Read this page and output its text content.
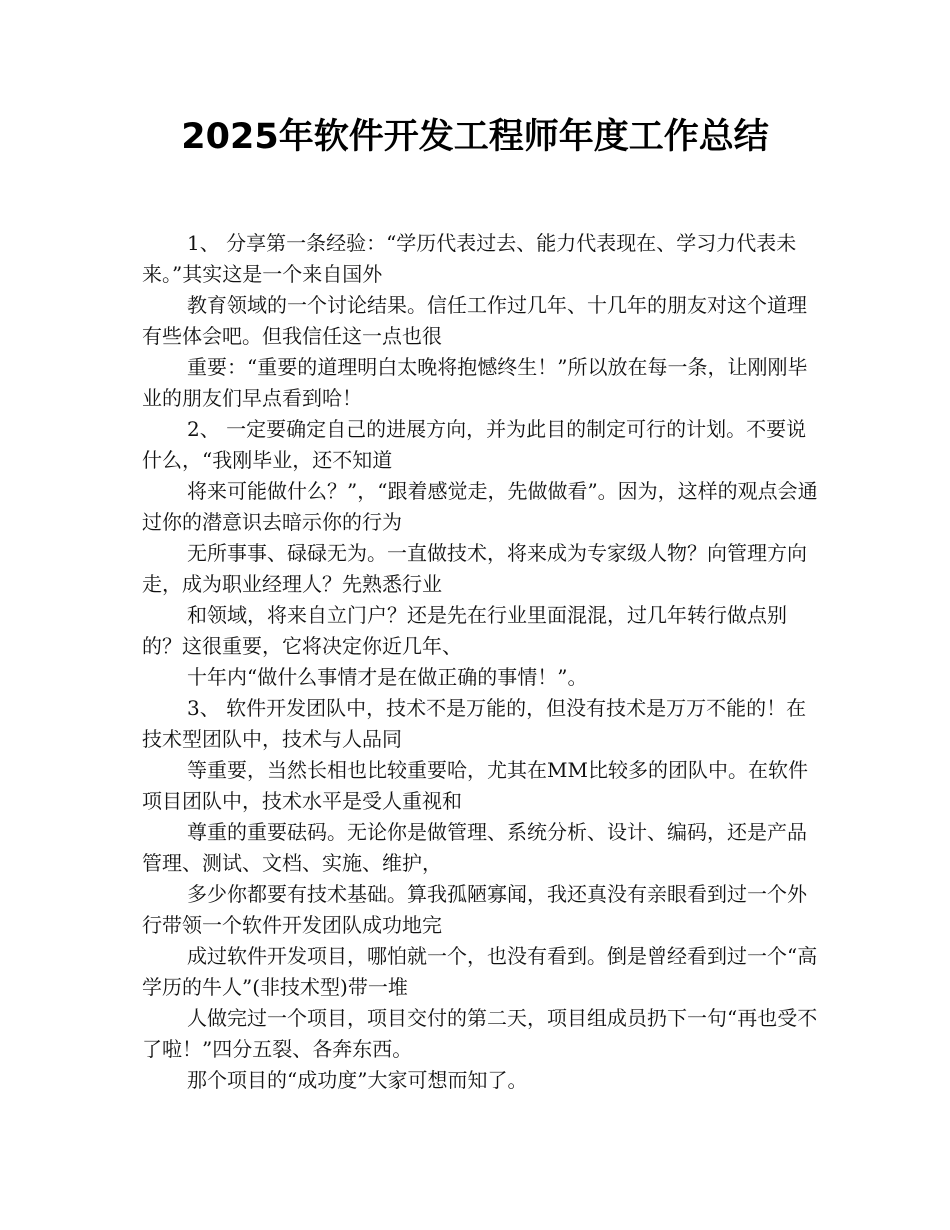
2025年软件开发工程师年度工作总结

1、 分享第一条经验：“学历代表过去、能力代表现在、学习力代表未来。”其实这是一个来自国外

教育领域的一个讨论结果。信任工作过几年、十几年的朋友对这个道理有些体会吧。但我信任这一点也很

重要：“重要的道理明白太晚将抱憾终生！”所以放在每一条，让刚刚毕业的朋友们早点看到哈！

2、 一定要确定自己的进展方向，并为此目的制定可行的计划。不要说什么，“我刚毕业，还不知道

将来可能做什么？”，“跟着感觉走，先做做看”。因为，这样的观点会通过你的潜意识去暗示你的行为

无所事事、碌碌无为。一直做技术，将来成为专家级人物？向管理方向走，成为职业经理人？先熟悉行业

和领域，将来自立门户？还是先在行业里面混混，过几年转行做点别的？这很重要，它将决定你近几年、

十年内“做什么事情才是在做正确的事情！”。

3、 软件开发团队中，技术不是万能的，但没有技术是万万不能的！在技术型团队中，技术与人品同

等重要，当然长相也比较重要哈，尤其在MM比较多的团队中。在软件项目团队中，技术水平是受人重视和

尊重的重要砝码。无论你是做管理、系统分析、设计、编码，还是产品管理、测试、文档、实施、维护，

多少你都要有技术基础。算我孤陋寡闻，我还真没有亲眼看到过一个外行带领一个软件开发团队成功地完

成过软件开发项目，哪怕就一个，也没有看到。倒是曾经看到过一个“高学历的牛人”(非技术型)带一堆

人做完过一个项目，项目交付的第二天，项目组成员扔下一句“再也受不了啦！”四分五裂、各奔东西。

那个项目的“成功度”大家可想而知了。
